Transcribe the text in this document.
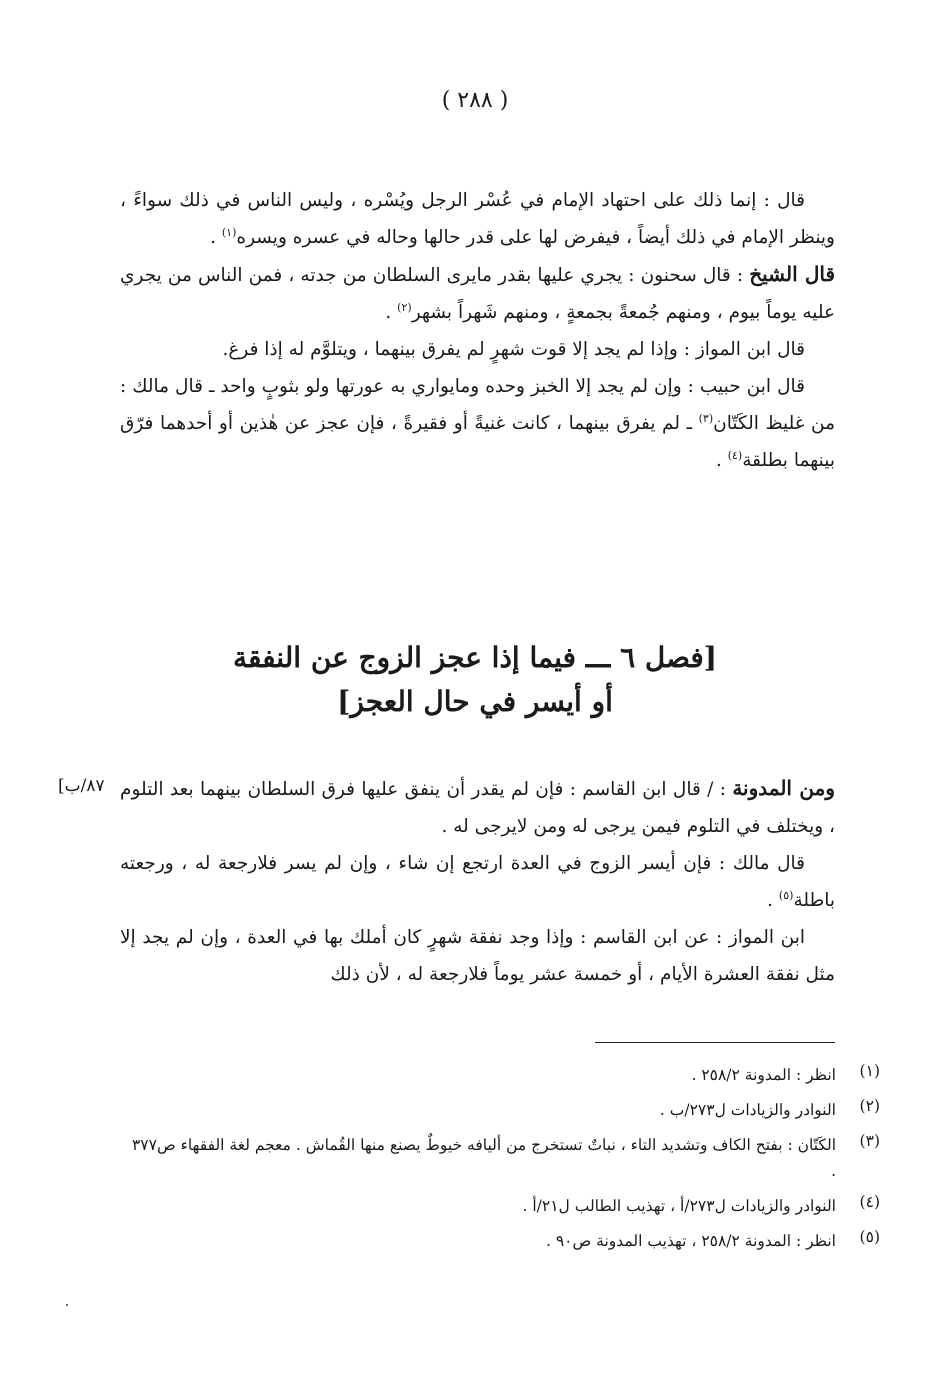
( ٢٨٨ )

قال : إنما ذلك على احتهاد الإمام في عُسْر الرجل ويُسْره ، وليس الناس في ذلك سواءً ، وينظر الإمام في ذلك أيضاً ، فيفرض لها على قدر حالها وحاله في عسره ويسره$^{(١)}$ .

قال الشيخ : قال سحنون : يجري عليها بقدر مايرى السلطان من جدته ، فمن الناس من يجري عليه يوماً بيوم ، ومنهم جُمعةً بجمعةٍ ، ومنهم شَهراً بشهر$^{(٢)}$ .

قال ابن المواز : وإذا لم يجد إلا قوت شهرٍ لم يفرق بينهما ، ويتلوَّم له إذا فرغ.

قال ابن حبيب : وإن لم يجد إلا الخبز وحده ومايواري به عورتها ولو بثوبٍ واحد ـ قال مالك : من غليظ الكَتّان$^{(٣)}$ ـ لم يفرق بينهما ، كانت غنيةً أو فقيرةً ، فإن عجز عن هٰذين أو أحدهما فرّق بينهما بطلقة$^{(٤)}$ .

[فصل ٦ ـــ فيما إذا عجز الزوج عن النفقة
أو أيسر في حال العجز]
[٨٧/ب	ومن المدونة : / قال ابن القاسم : فإن لم يقدر أن ينفق عليها فرق السلطان بينهما بعد التلوم ، ويختلف في التلوم فيمن يرجى له ومن لايرجى له .

قال مالك : فإن أيسر الزوج في العدة ارتجع إن شاء ، وإن لم يسر فلارجعة له ، ورجعته باطلة$^{(٥)}$ .

ابن المواز : عن ابن القاسم : وإذا وجد نفقة شهرٍ كان أملك بها في العدة ، وإن لم يجد إلا مثل نفقة العشرة الأيام ، أو خمسة عشر يوماً فلارجعة له ، لأن ذلك

(١)
انظر : المدونة ٢٥٨/٢ .
(٢)
النوادر والزيادات ل٢٧٣/ب .
(٣)
الكَتّان : بفتح الكاف وتشديد التاء ، نباتٌ تستخرج من أليافه خيوطٌ يصنع منها القُماش . معجم لغة الفقهاء ص٣٧٧ .
(٤)
النوادر والزيادات ل٢٧٣/أ ، تهذيب الطالب ل٢١/أ .
(٥)
انظر : المدونة ٢٥٨/٢ ، تهذيب المدونة ص٩٠ .
